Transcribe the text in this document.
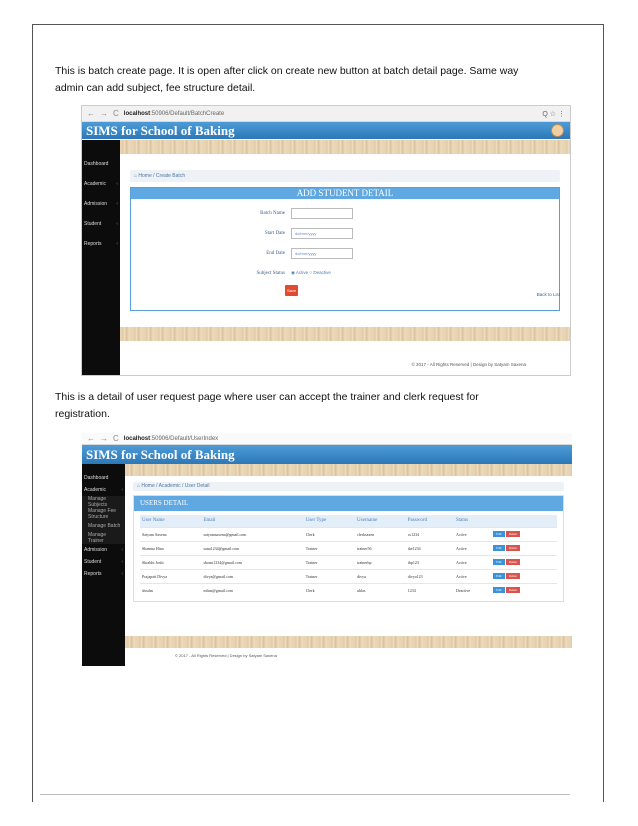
This is batch create page. It is open after click on create new button at batch detail page. Same way
admin can add subject, fee structure detail.
← → C localhost:50906/Default/BatchCreate	Q ☆ ⋮
SIMS for School of Baking
Dashboard
Academic ‹
Admission ‹
Student	‹
Reports	‹
⌂ Home / Create Batch
ADD STUDENT DETAIL
Batch Name
Start Date	dd/mm/yyyy
End Date	dd/mm/yyyy
Subject Status	◉ Active ○ Deactive
Save
Back to List
© 2017 - All Rights Reserved | Design by Satyam Saxena
This is a detail of user request page where user can accept the trainer and clerk request for
registration.
← → C localhost:50906/Default/UserIndex
SIMS for School of Baking
Dashboard
Academic	‹
Manage Subjects
Manage Fee Structure
Manage Batch
Manage Trainer
Admission	‹
Student	‹
Reports	‹
⌂ Home / Academic / User Detail
USERS DETAIL
User Name	Email	User Type	Username	Password	Status	
Satyam Saxena	satyamsaxena@gmail.com	Clerk	clerksaxen	cs1234	Active	Edit Delete
Shamna Hina	sana1234@gmail.com	Trainer	trainer56	the1234	Active	Edit Delete
Shrabhi Joshi	sbomi1234@gmail.com	Trainer	trainerbp	thp123	Active	Edit Delete
Prajapati Divya	divya@gmail.com	Trainer	divya	divya123	Active	Edit Delete
shiulas	mhus@gmail.com	Clerk	uhlas	1234	Deactive	Edit Delete
© 2017 - All Rights Reserved | Design by Satyam Saxena
